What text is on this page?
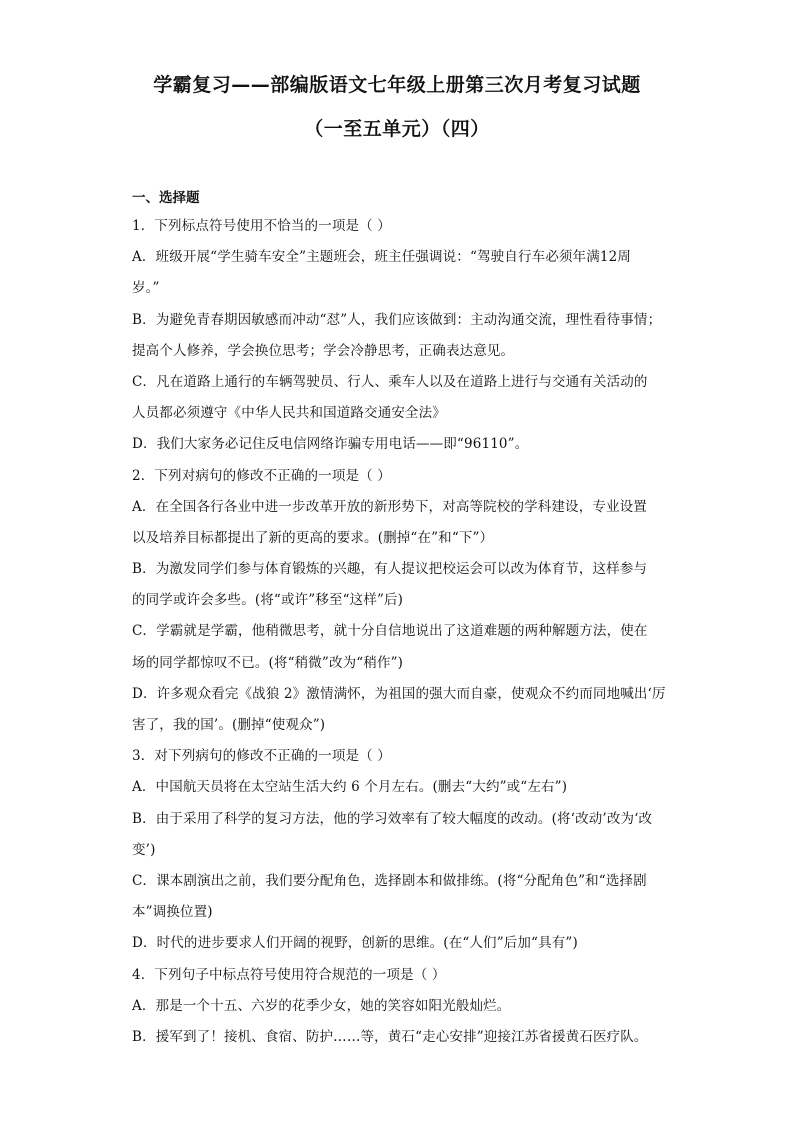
学霸复习——部编版语文七年级上册第三次月考复习试题
（一至五单元）（四）
一、选择题
1．下列标点符号使用不恰当的一项是（ ）
A．班级开展“学生骑车安全”主题班会，班主任强调说：“驾驶自行车必须年满12周
岁。”
B．为避免青春期因敏感而冲动“怼”人，我们应该做到：主动沟通交流，理性看待事情；
提高个人修养，学会换位思考；学会冷静思考，正确表达意见。
C．凡在道路上通行的车辆驾驶员、行人、乘车人以及在道路上进行与交通有关活动的
人员都必须遵守《中华人民共和国道路交通安全法》
D．我们大家务必记住反电信网络诈骗专用电话——即“96110”。
2．下列对病句的修改不正确的一项是（ ）
A．在全国各行各业中进一步改革开放的新形势下，对高等院校的学科建设，专业设置
以及培养目标都提出了新的更高的要求。(删掉“在”和“下”）
B．为激发同学们参与体育锻炼的兴趣，有人提议把校运会可以改为体育节，这样参与
的同学或许会多些。(将“或许”移至“这样”后)
C．学霸就是学霸，他稍微思考，就十分自信地说出了这道难题的两种解题方法，使在
场的同学都惊叹不已。(将“稍微”改为“稍作”)
D．许多观众看完《战狼 2》激情满怀，为祖国的强大而自豪，使观众不约而同地喊出‘厉
害了，我的国’。(删掉“使观众”)
3．对下列病句的修改不正确的一项是（ ）
A．中国航天员将在太空站生活大约 6 个月左右。(删去“大约”或“左右”)
B．由于采用了科学的复习方法，他的学习效率有了较大幅度的改动。(将‘改动’改为‘改
变’)
C．课本剧演出之前，我们要分配角色，选择剧本和做排练。(将“分配角色”和“选择剧
本”调换位置)
D．时代的进步要求人们开阔的视野，创新的思维。(在“人们”后加“具有”)
4．下列句子中标点符号使用符合规范的一项是（ ）
A．那是一个十五、六岁的花季少女，她的笑容如阳光般灿烂。
B．援军到了！接机、食宿、防护……等，黄石“走心安排”迎接江苏省援黄石医疗队。
